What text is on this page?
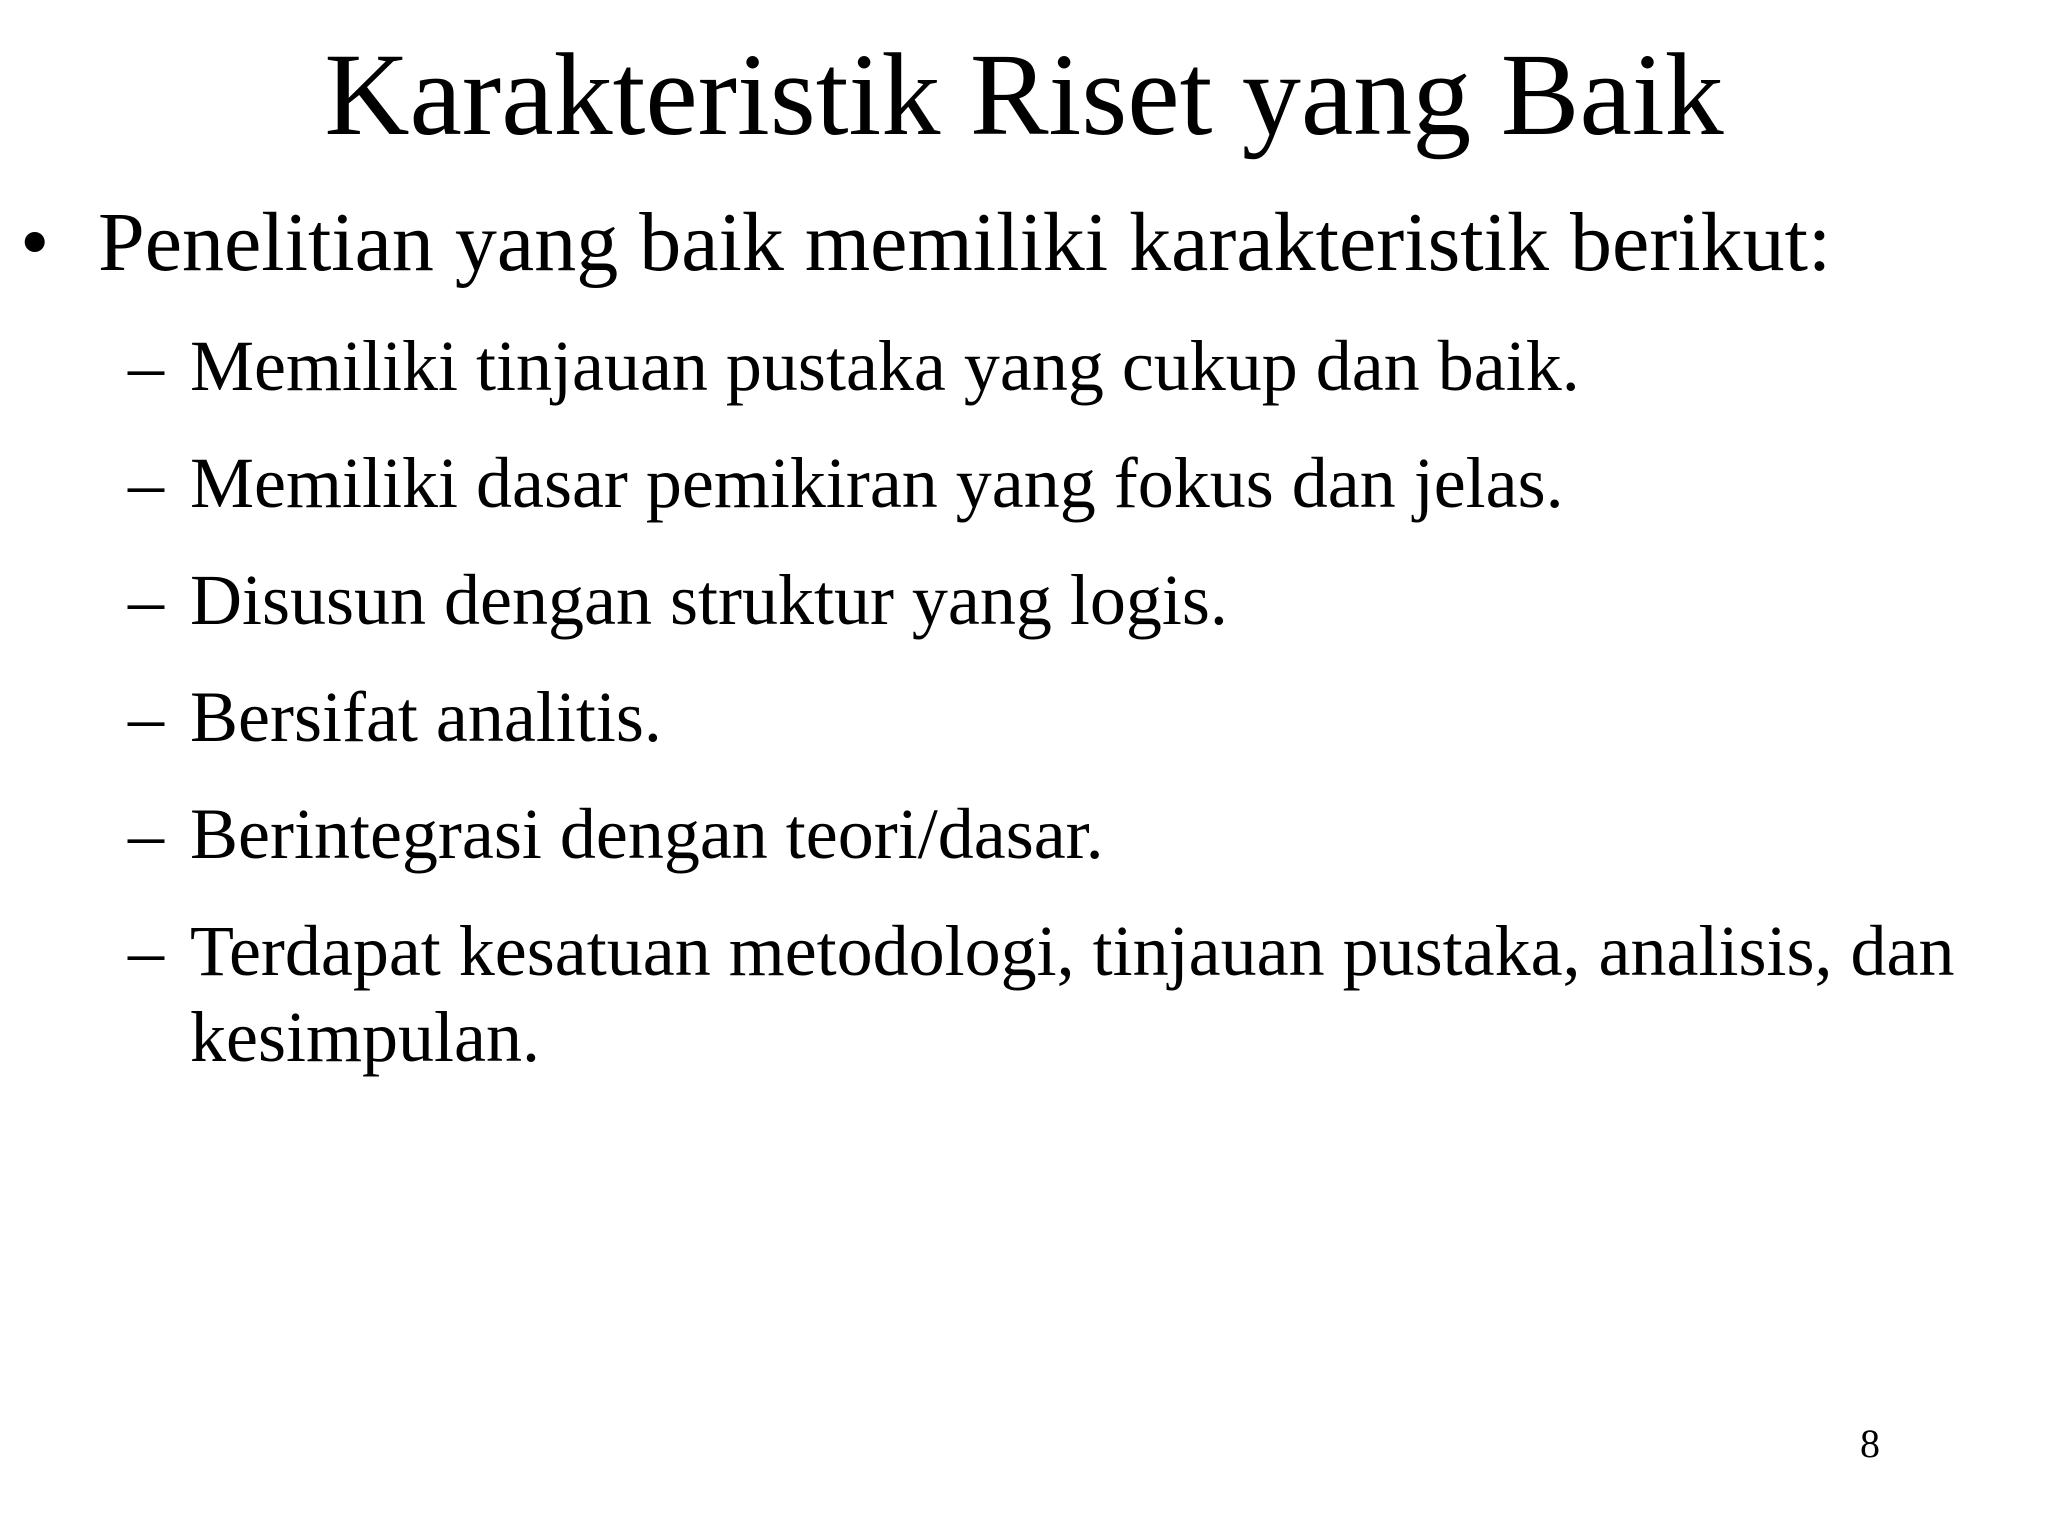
Karakteristik Riset yang Baik
• Penelitian yang baik memiliki karakteristik berikut:
– Memiliki tinjauan pustaka yang cukup dan baik.
– Memiliki dasar pemikiran yang fokus dan jelas.
– Disusun dengan struktur yang logis.
– Bersifat analitis.
– Berintegrasi dengan teori/dasar.
– Terdapat kesatuan metodologi, tinjauan pustaka, analisis, dan kesimpulan.
8
